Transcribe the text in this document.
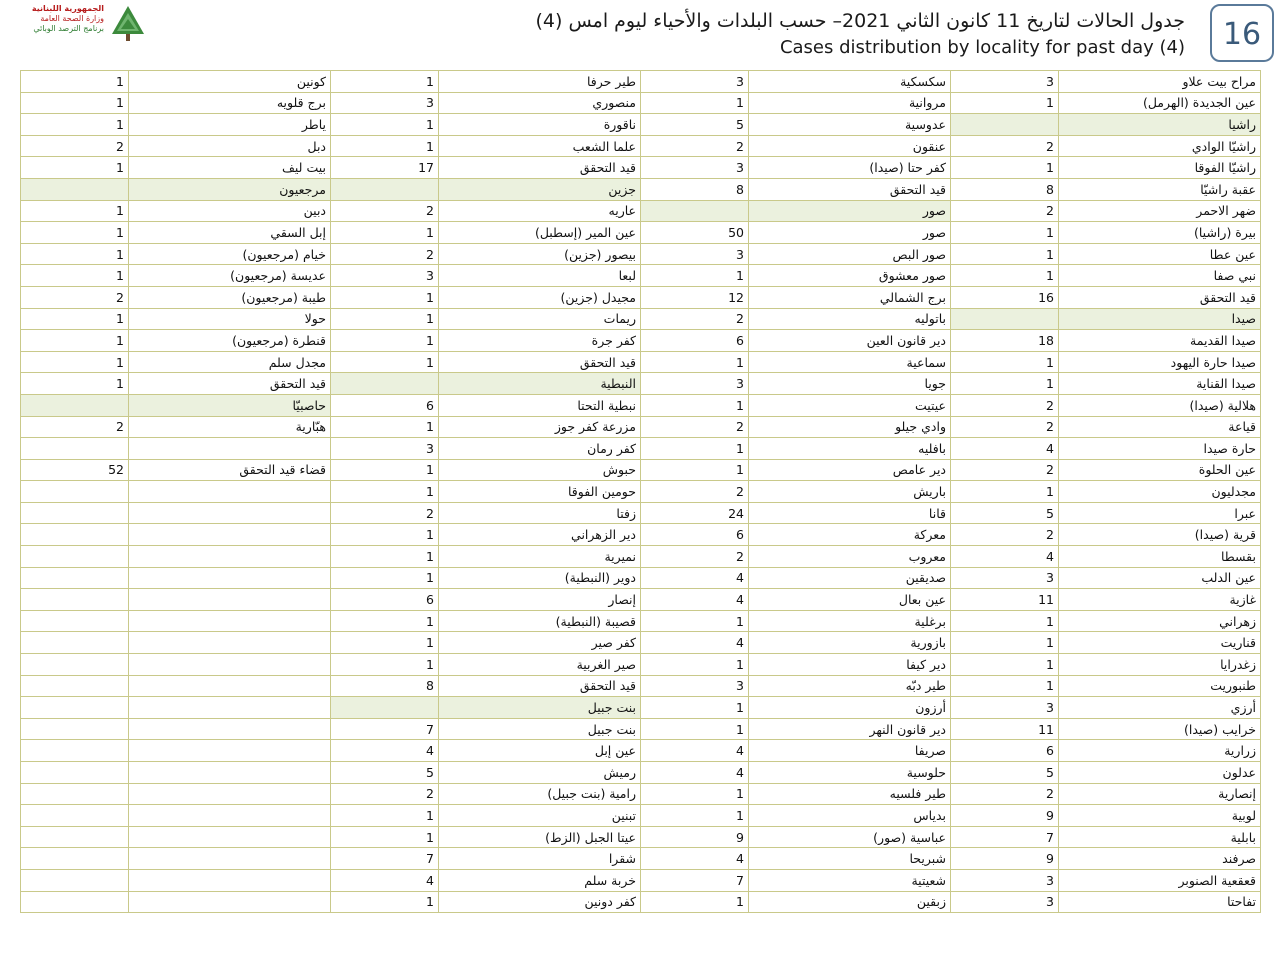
الجمهورية اللبنانية
وزارة الصحة العامة
برنامج الترصد الوبائي	جدول الحالات لتاريخ 11 كانون الثاني 2021– حسب البلدات والأحياء ليوم امس (4)
Cases distribution by locality for past day (4)	16
1	كونين	1	طير حرفا	3	سكسكية	3	مراح بيت علاو
1	برج قلويه	3	منصوري	1	مروانية	1	عين الجديدة (الهرمل)
1	ياطر	1	ناقورة	5	عدوسية		راشيا
2	دبل	1	علما الشعب	2	عنقون	2	راشيّا الوادي
1	بيت ليف	17	قيد التحقق	3	كفر حتا (صيدا)	1	راشيّا الفوقا
	مرجعيون		جزين	8	قيد التحقق	8	عقبة راشيّا
1	دبين	2	عاريه		صور	2	ضهر الاحمر
1	إبل السقي	1	عين المير (إسطبل)	50	صور	1	بيرة (راشيا)
1	خيام (مرجعيون)	2	بيصور (جزين)	3	صور البص	1	عين عطا
1	عديسة (مرجعيون)	3	لبعا	1	صور معشوق	1	نبي صفا
2	طيبة (مرجعيون)	1	مجيدل (جزين)	12	برج الشمالي	16	قيد التحقق
1	حولا	1	ريمات	2	باتوليه		صيدا
1	قنطرة (مرجعيون)	1	كفر جرة	6	دير قانون العين	18	صيدا القديمة
1	مجدل سلم	1	قيد التحقق	1	سماعية	1	صيدا حارة اليهود
1	قيد التحقق		النبطية	3	جويا	1	صيدا القناية
	حاصبيّا	6	نبطية التحتا	1	عيتيت	2	هلالية (صيدا)
2	هبّارية	1	مزرعة كفر جوز	2	وادي جيلو	2	قياعة
		3	كفر رمان	1	بافليه	4	حارة صيدا
52	قضاء قيد التحقق	1	حبوش	1	دير عامص	2	عين الحلوة
		1	حومين الفوقا	2	باريش	1	مجدليون
		2	زفتا	24	قانا	5	عبرا
		1	دير الزهراني	6	معركة	2	قرية (صيدا)
		1	نميرية	2	معروب	4	بقسطا
		1	دوير (النبطية)	4	صديقين	3	عين الدلب
		6	إنصار	4	عين بعال	11	غازية
		1	قصيبة (النبطية)	1	برغلية	1	زهراني
		1	كفر صير	4	بازورية	1	قناريت
		1	صير الغربية	1	دير كيفا	1	زغدرايا
		8	قيد التحقق	3	طير دبّه	1	طنبوريت
			بنت جبيل	1	أرزون	3	أرزي
		7	بنت جبيل	1	دير قانون النهر	11	خرايب (صيدا)
		4	عين إبل	4	صريفا	6	زرارية
		5	رميش	4	حلوسية	5	عدلون
		2	رامية (بنت جبيل)	1	طير فلسيه	2	إنصارية
		1	تبنين	1	بدياس	9	لوبية
		1	عيتا الجبل (الزط)	9	عباسية (صور)	7	بابلية
		7	شقرا	4	شبريحا	9	صرفند
		4	خربة سلم	7	شعيتية	3	قعقعية الصنوبر
		1	كفر دونين	1	زبقين	3	تفاحتا
